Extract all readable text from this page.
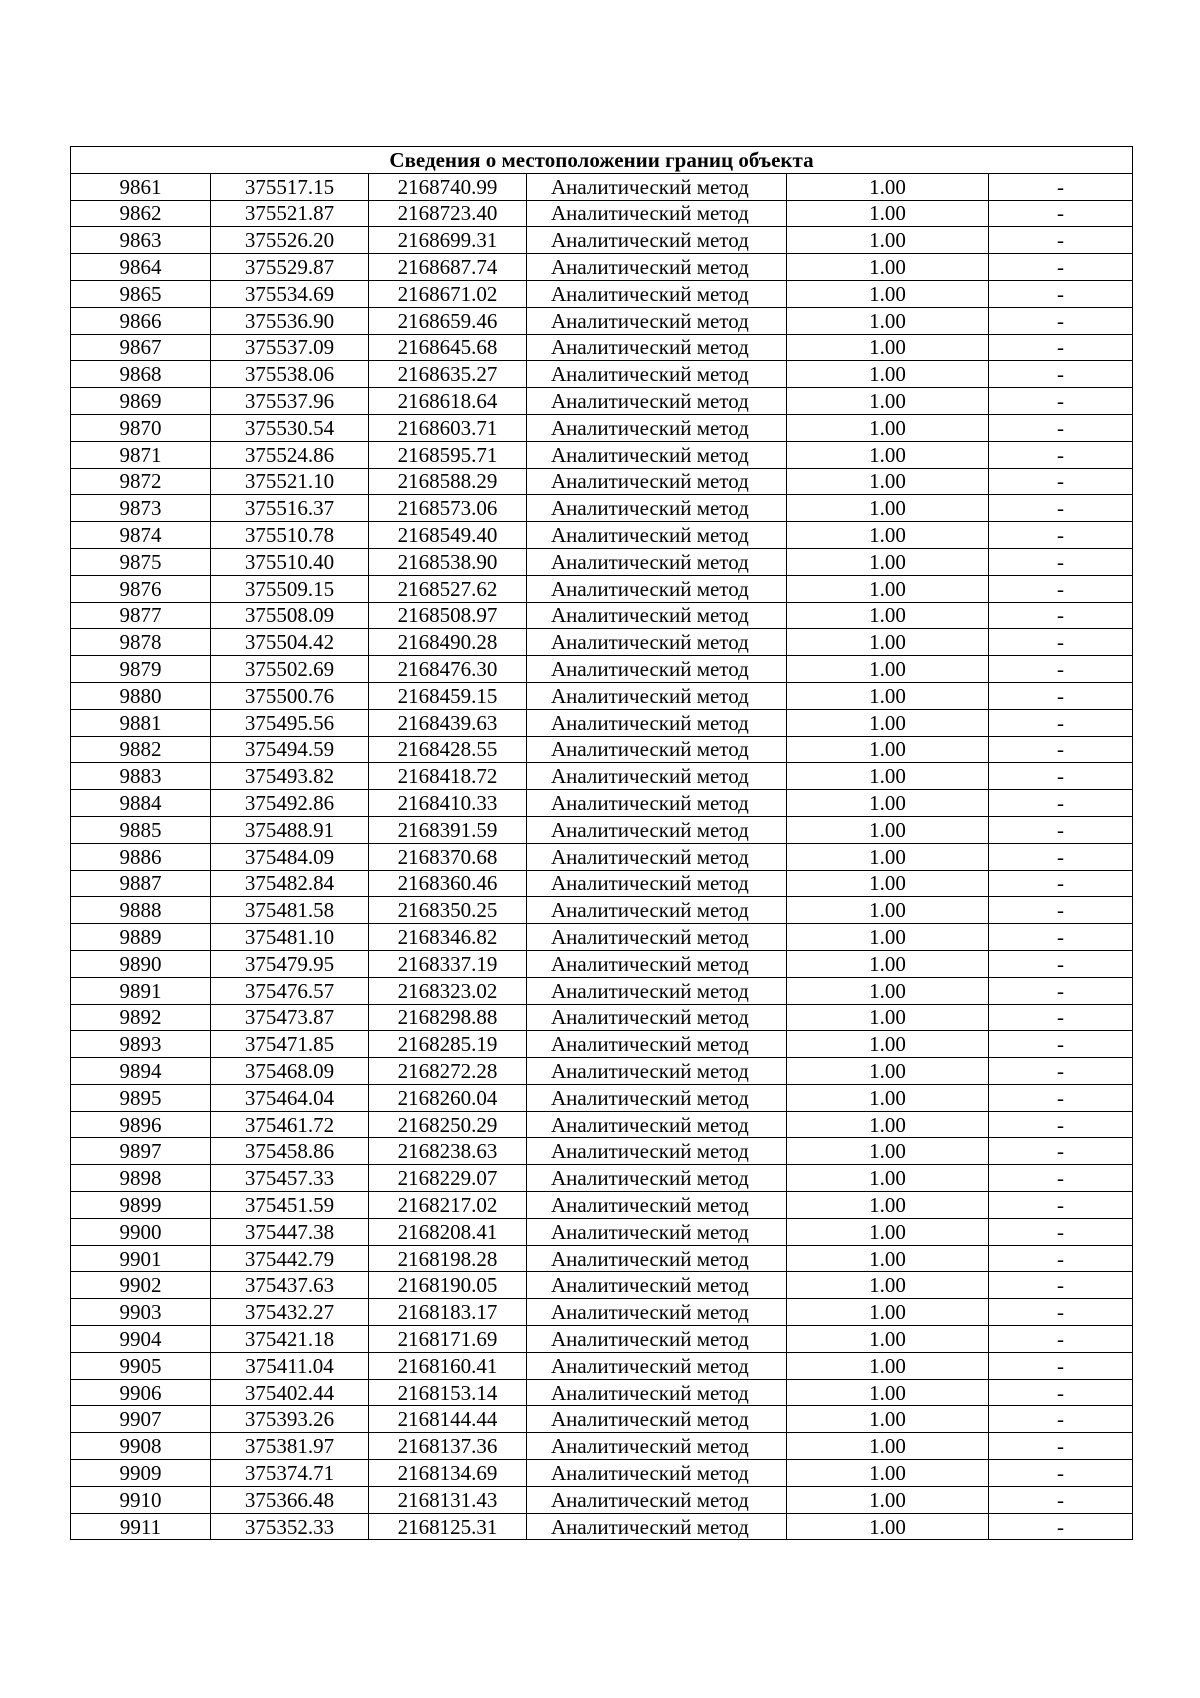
Сведения о местоположении границ объекта					
9861	375517.15	2168740.99	Аналитический метод	1.00	-
9862	375521.87	2168723.40	Аналитический метод	1.00	-
9863	375526.20	2168699.31	Аналитический метод	1.00	-
9864	375529.87	2168687.74	Аналитический метод	1.00	-
9865	375534.69	2168671.02	Аналитический метод	1.00	-
9866	375536.90	2168659.46	Аналитический метод	1.00	-
9867	375537.09	2168645.68	Аналитический метод	1.00	-
9868	375538.06	2168635.27	Аналитический метод	1.00	-
9869	375537.96	2168618.64	Аналитический метод	1.00	-
9870	375530.54	2168603.71	Аналитический метод	1.00	-
9871	375524.86	2168595.71	Аналитический метод	1.00	-
9872	375521.10	2168588.29	Аналитический метод	1.00	-
9873	375516.37	2168573.06	Аналитический метод	1.00	-
9874	375510.78	2168549.40	Аналитический метод	1.00	-
9875	375510.40	2168538.90	Аналитический метод	1.00	-
9876	375509.15	2168527.62	Аналитический метод	1.00	-
9877	375508.09	2168508.97	Аналитический метод	1.00	-
9878	375504.42	2168490.28	Аналитический метод	1.00	-
9879	375502.69	2168476.30	Аналитический метод	1.00	-
9880	375500.76	2168459.15	Аналитический метод	1.00	-
9881	375495.56	2168439.63	Аналитический метод	1.00	-
9882	375494.59	2168428.55	Аналитический метод	1.00	-
9883	375493.82	2168418.72	Аналитический метод	1.00	-
9884	375492.86	2168410.33	Аналитический метод	1.00	-
9885	375488.91	2168391.59	Аналитический метод	1.00	-
9886	375484.09	2168370.68	Аналитический метод	1.00	-
9887	375482.84	2168360.46	Аналитический метод	1.00	-
9888	375481.58	2168350.25	Аналитический метод	1.00	-
9889	375481.10	2168346.82	Аналитический метод	1.00	-
9890	375479.95	2168337.19	Аналитический метод	1.00	-
9891	375476.57	2168323.02	Аналитический метод	1.00	-
9892	375473.87	2168298.88	Аналитический метод	1.00	-
9893	375471.85	2168285.19	Аналитический метод	1.00	-
9894	375468.09	2168272.28	Аналитический метод	1.00	-
9895	375464.04	2168260.04	Аналитический метод	1.00	-
9896	375461.72	2168250.29	Аналитический метод	1.00	-
9897	375458.86	2168238.63	Аналитический метод	1.00	-
9898	375457.33	2168229.07	Аналитический метод	1.00	-
9899	375451.59	2168217.02	Аналитический метод	1.00	-
9900	375447.38	2168208.41	Аналитический метод	1.00	-
9901	375442.79	2168198.28	Аналитический метод	1.00	-
9902	375437.63	2168190.05	Аналитический метод	1.00	-
9903	375432.27	2168183.17	Аналитический метод	1.00	-
9904	375421.18	2168171.69	Аналитический метод	1.00	-
9905	375411.04	2168160.41	Аналитический метод	1.00	-
9906	375402.44	2168153.14	Аналитический метод	1.00	-
9907	375393.26	2168144.44	Аналитический метод	1.00	-
9908	375381.97	2168137.36	Аналитический метод	1.00	-
9909	375374.71	2168134.69	Аналитический метод	1.00	-
9910	375366.48	2168131.43	Аналитический метод	1.00	-
9911	375352.33	2168125.31	Аналитический метод	1.00	-
